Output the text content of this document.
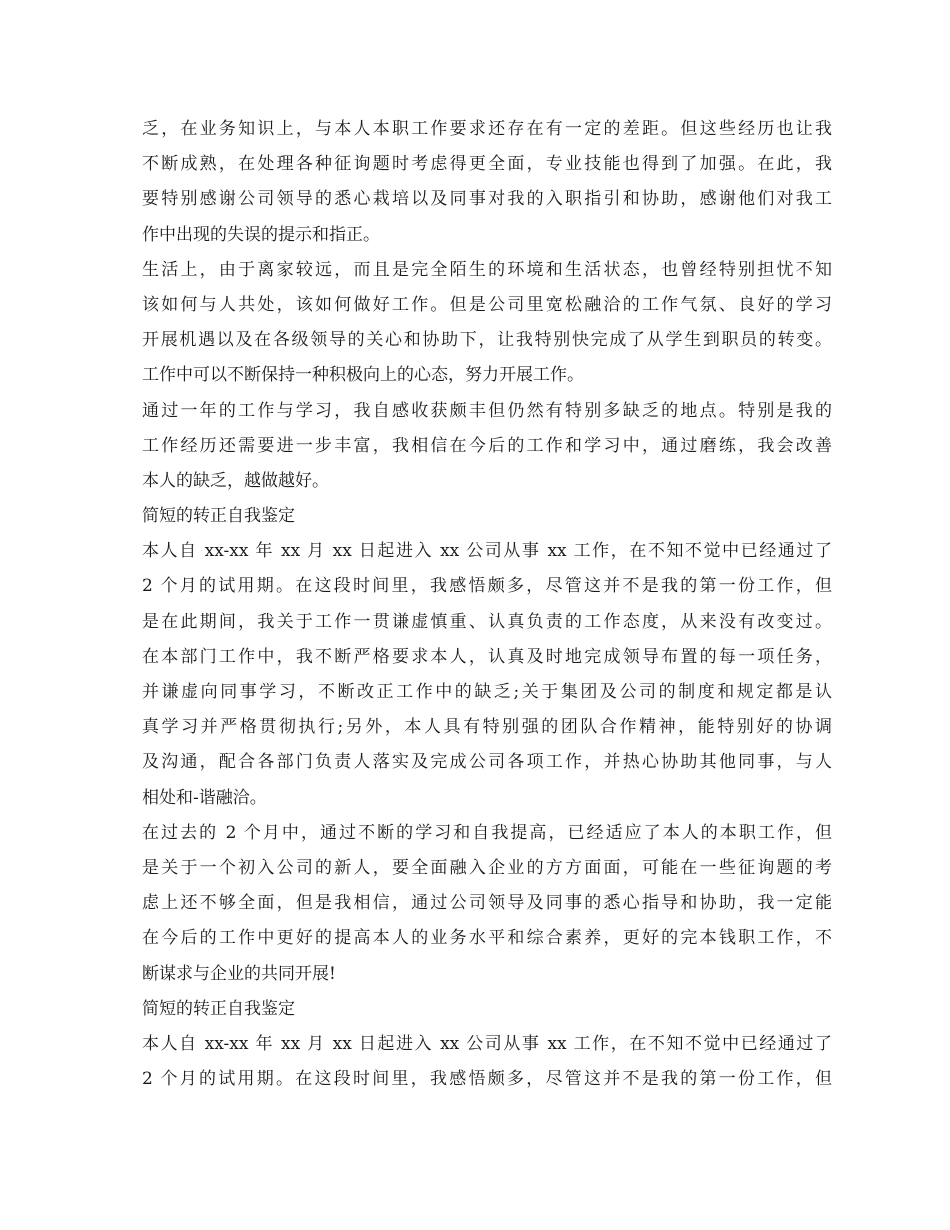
乏，在业务知识上，与本人本职工作要求还存在有一定的差距。但这些经历也让我
不断成熟，在处理各种征询题时考虑得更全面，专业技能也得到了加强。在此，我
要特别感谢公司领导的悉心栽培以及同事对我的入职指引和协助，感谢他们对我工
作中出现的失误的提示和指正。
生活上，由于离家较远，而且是完全陌生的环境和生活状态，也曾经特别担忧不知
该如何与人共处，该如何做好工作。但是公司里宽松融洽的工作气氛、良好的学习
开展机遇以及在各级领导的关心和协助下，让我特别快完成了从学生到职员的转变。
工作中可以不断保持一种积极向上的心态，努力开展工作。
通过一年的工作与学习，我自感收获颇丰但仍然有特别多缺乏的地点。特别是我的
工作经历还需要进一步丰富，我相信在今后的工作和学习中，通过磨练，我会改善
本人的缺乏，越做越好。
简短的转正自我鉴定
本人自 xx-xx 年 xx 月 xx 日起进入 xx 公司从事 xx 工作，在不知不觉中已经通过了
2 个月的试用期。在这段时间里，我感悟颇多，尽管这并不是我的第一份工作，但
是在此期间，我关于工作一贯谦虚慎重、认真负责的工作态度，从来没有改变过。
在本部门工作中，我不断严格要求本人，认真及时地完成领导布置的每一项任务，
并谦虚向同事学习，不断改正工作中的缺乏;关于集团及公司的制度和规定都是认
真学习并严格贯彻执行;另外，本人具有特别强的团队合作精神，能特别好的协调
及沟通，配合各部门负责人落实及完成公司各项工作，并热心协助其他同事，与人
相处和-谐融洽。
在过去的 2 个月中，通过不断的学习和自我提高，已经适应了本人的本职工作，但
是关于一个初入公司的新人，要全面融入企业的方方面面，可能在一些征询题的考
虑上还不够全面，但是我相信，通过公司领导及同事的悉心指导和协助，我一定能
在今后的工作中更好的提高本人的业务水平和综合素养，更好的完本钱职工作，不
断谋求与企业的共同开展!
简短的转正自我鉴定
本人自 xx-xx 年 xx 月 xx 日起进入 xx 公司从事 xx 工作，在不知不觉中已经通过了
2 个月的试用期。在这段时间里，我感悟颇多，尽管这并不是我的第一份工作，但
